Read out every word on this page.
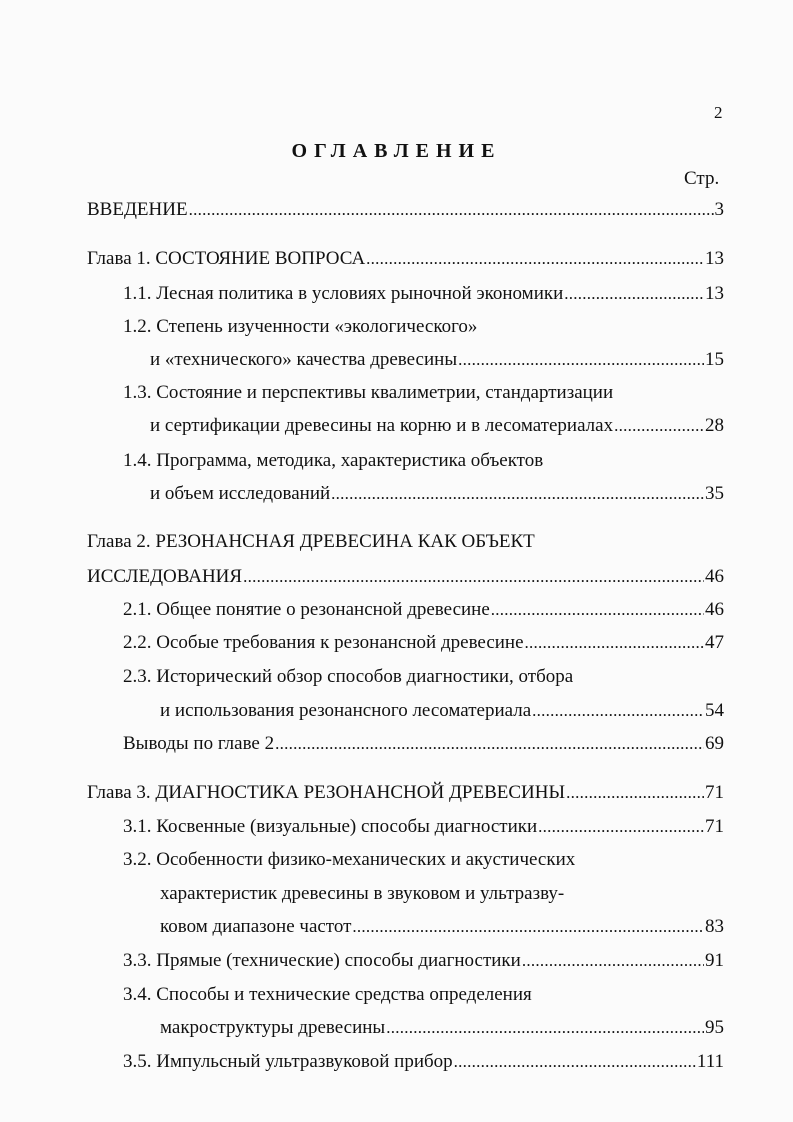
2
ОГЛАВЛЕНИЕ
Стр.
ВВЕДЕНИЕ . . .	3
Глава 1. СОСТОЯНИЕ ВОПРОСА . . .	13
1.1. Лесная политика в условиях рыночной экономики . . .	13
1.2. Степень изученности «экологического»
и «технического» качества древесины . . .	15
1.3. Состояние и перспективы квалиметрии, стандартизации
и сертификации древесины на корню и в лесоматериалах . . .	28
1.4. Программа, методика, характеристика объектов
и объем исследований . . .	35
Глава 2. РЕЗОНАНСНАЯ ДРЕВЕСИНА КАК ОБЪЕКТ
ИССЛЕДОВАНИЯ . . .	46
2.1. Общее понятие о резонансной древесине . . .	46
2.2. Особые требования к резонансной древесине . . .	47
2.3. Исторический обзор способов диагностики, отбора
и использования резонансного лесоматериала . . .	54
Выводы по главе 2 . . .	69
Глава 3. ДИАГНОСТИКА РЕЗОНАНСНОЙ ДРЕВЕСИНЫ . . .	71
3.1. Косвенные (визуальные) способы диагностики . . .	71
3.2. Особенности физико-механических и акустических
характеристик древесины в звуковом и ультразву-
ковом диапазоне частот . . .	83
3.3. Прямые (технические) способы диагностики . . .	91
3.4. Способы и технические средства определения
макроструктуры древесины . . .	95
3.5. Импульсный ультразвуковой прибор . . .	111
